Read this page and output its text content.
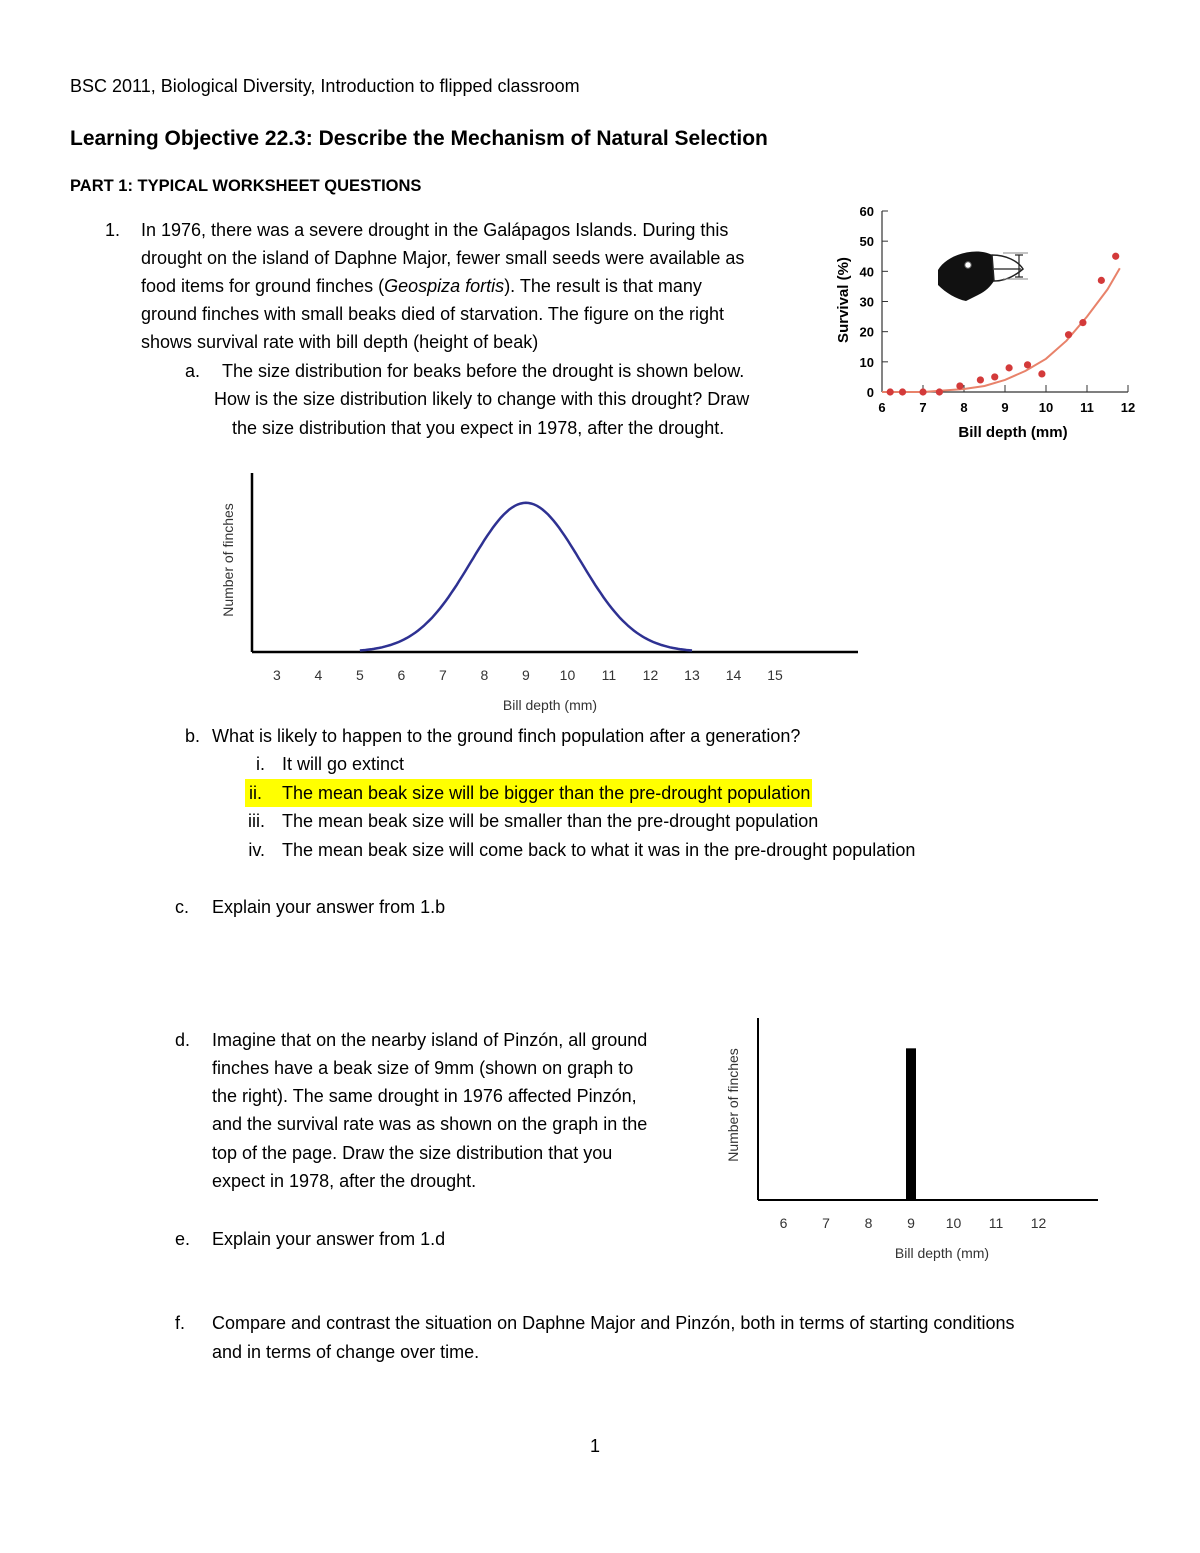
BSC 2011, Biological Diversity, Introduction to flipped classroom
Learning Objective 22.3: Describe the Mechanism of Natural Selection
PART 1: TYPICAL WORKSHEET QUESTIONS
1. In 1976, there was a severe drought in the Galápagos Islands. During this
drought on the island of Daphne Major, fewer small seeds were available as
food items for ground finches (Geospiza fortis). The result is that many
ground finches with small beaks died of starvation. The figure on the right
shows survival rate with bill depth (height of beak)
a. The size distribution for beaks before the drought is shown below.
How is the size distribution likely to change with this drought? Draw
the size distribution that you expect in 1978, after the drought.
0
10
20
30
40
50
60
6	7	8	9 10 11 12
Bill depth (mm)
Survival (%)
3 4 5 6 7 8 9 10 11 12 13 14 15
Bill depth (mm)
Number of finches
b. What is likely to happen to the ground finch population after a generation?
i. It will go extinct
ii.	The mean beak size will be bigger than the pre-drought population
iii. The mean beak size will be smaller than the pre-drought population
iv. The mean beak size will come back to what it was in the pre-drought population
c. Explain your answer from 1.b
d. Imagine that on the nearby island of Pinzón, all ground
finches have a beak size of 9mm (shown on graph to
the right). The same drought in 1976 affected Pinzón,
and the survival rate was as shown on the graph in the
top of the page. Draw the size distribution that you
expect in 1978, after the drought.
6 7 8 9 10 11 12
Bill depth (mm)
Number of finches
e. Explain your answer from 1.d
f. Compare and contrast the situation on Daphne Major and Pinzón, both in terms of starting conditions
and in terms of change over time.
1
